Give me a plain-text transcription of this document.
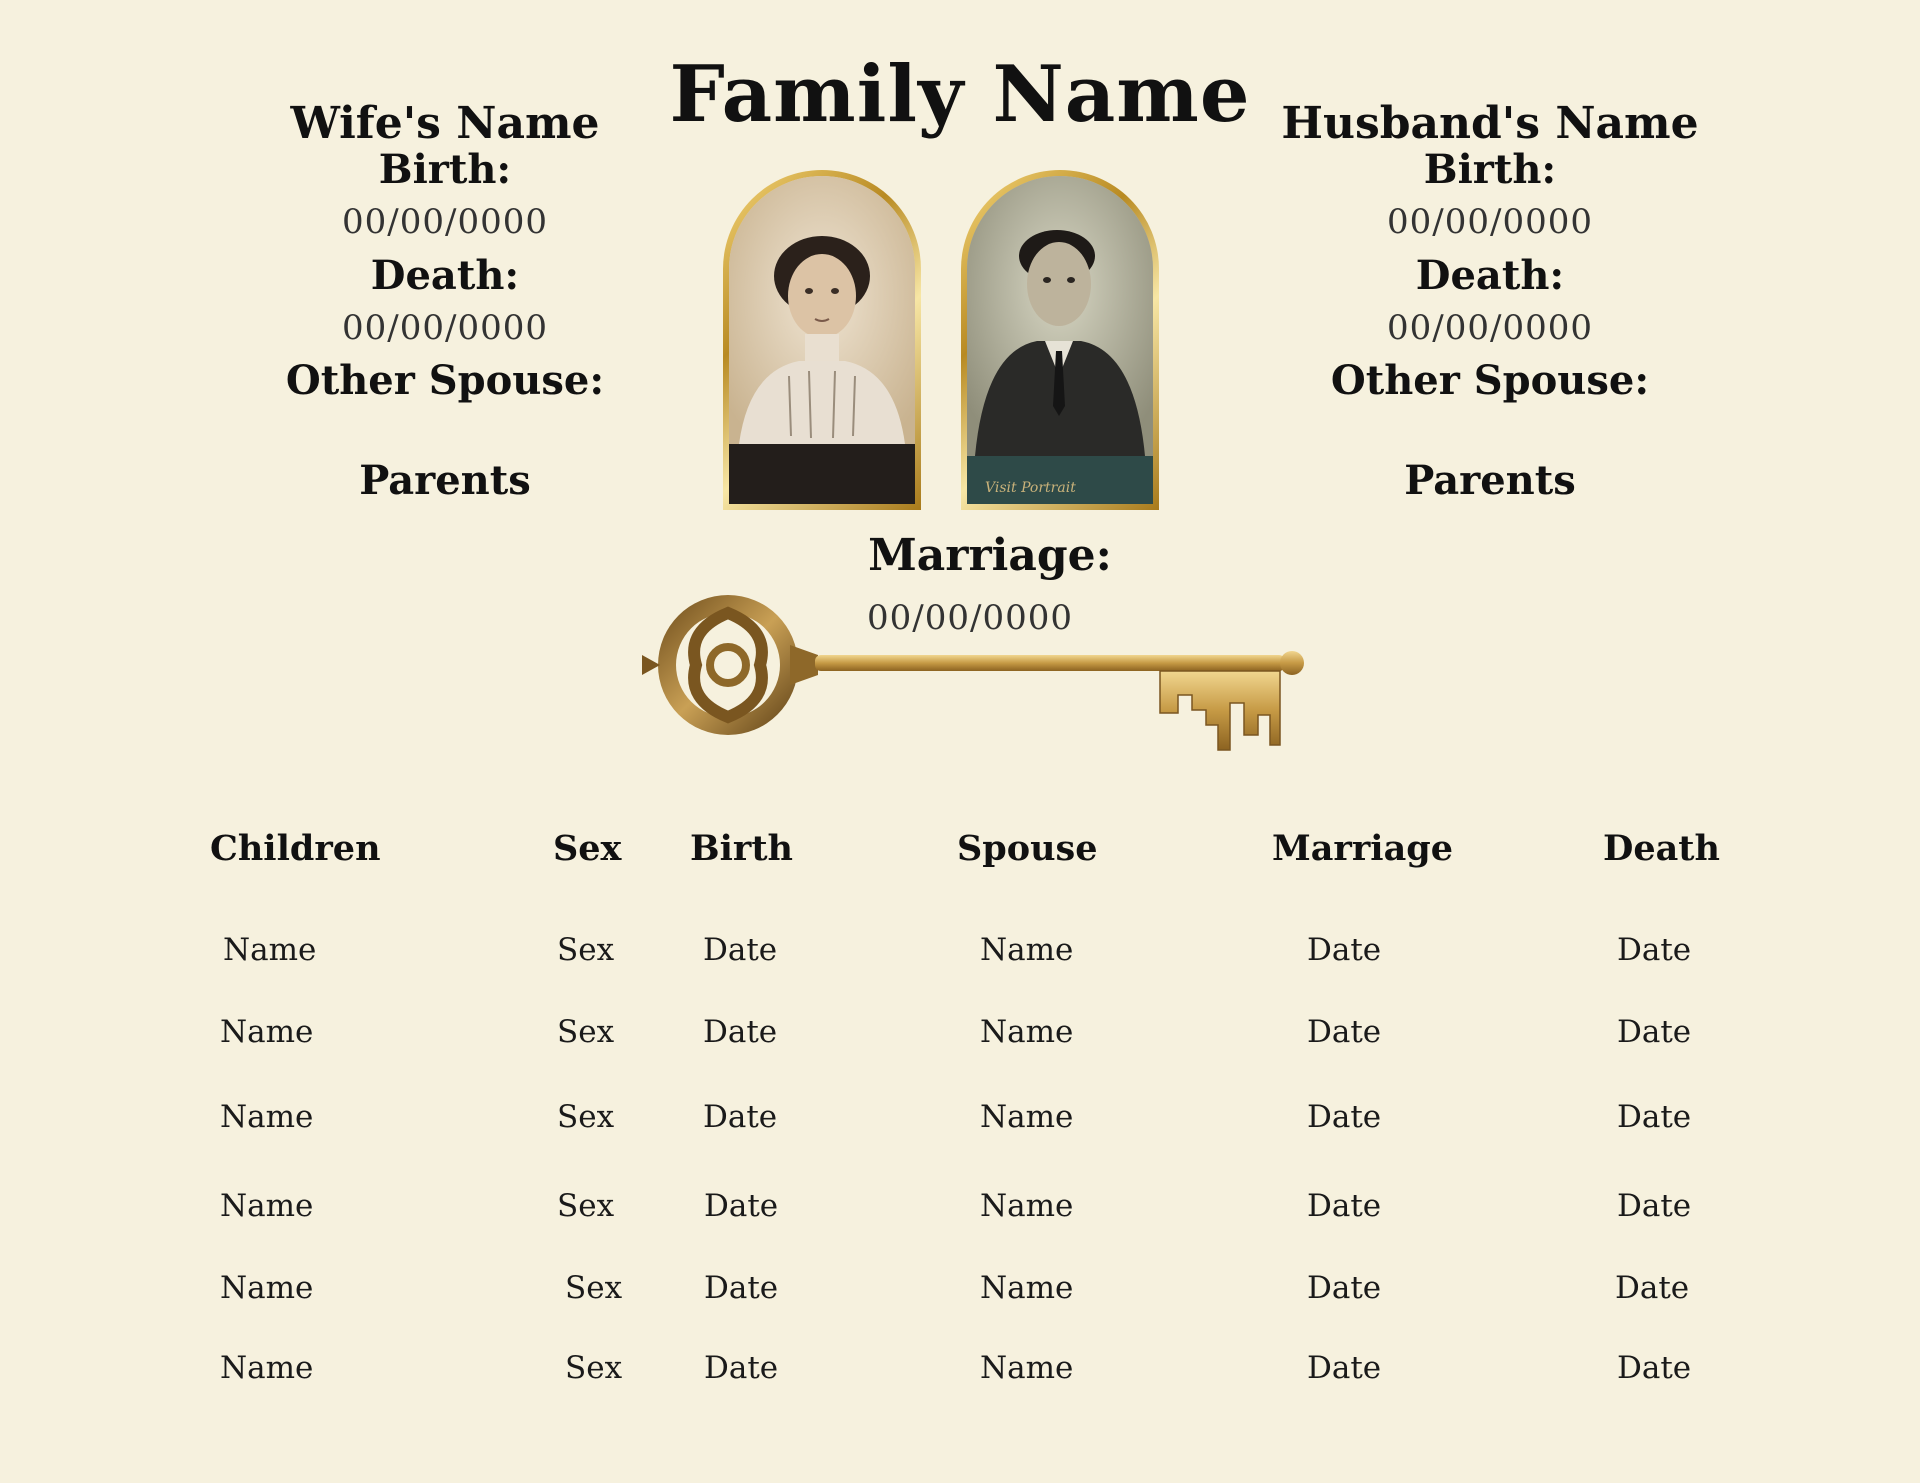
Family Name
Wife's Name
Birth:
00/00/0000
Death:
00/00/0000
Other Spouse:
Parents
Husband's Name
Birth:
00/00/0000
Death:
00/00/0000
Other Spouse:
Parents
Visit Portrait
Marriage:
00/00/0000
Children	Sex Birth	Spouse	Marriage	Death
Name	Sex	Date	Name	Date	Date
Name	Sex	Date	Name	Date	Date
Name	Sex	Date	Name	Date	Date
Name	Sex	Date	Name	Date	Date
Name	Sex	Date	Name	Date	Date
Name	Sex	Date	Name	Date	Date
